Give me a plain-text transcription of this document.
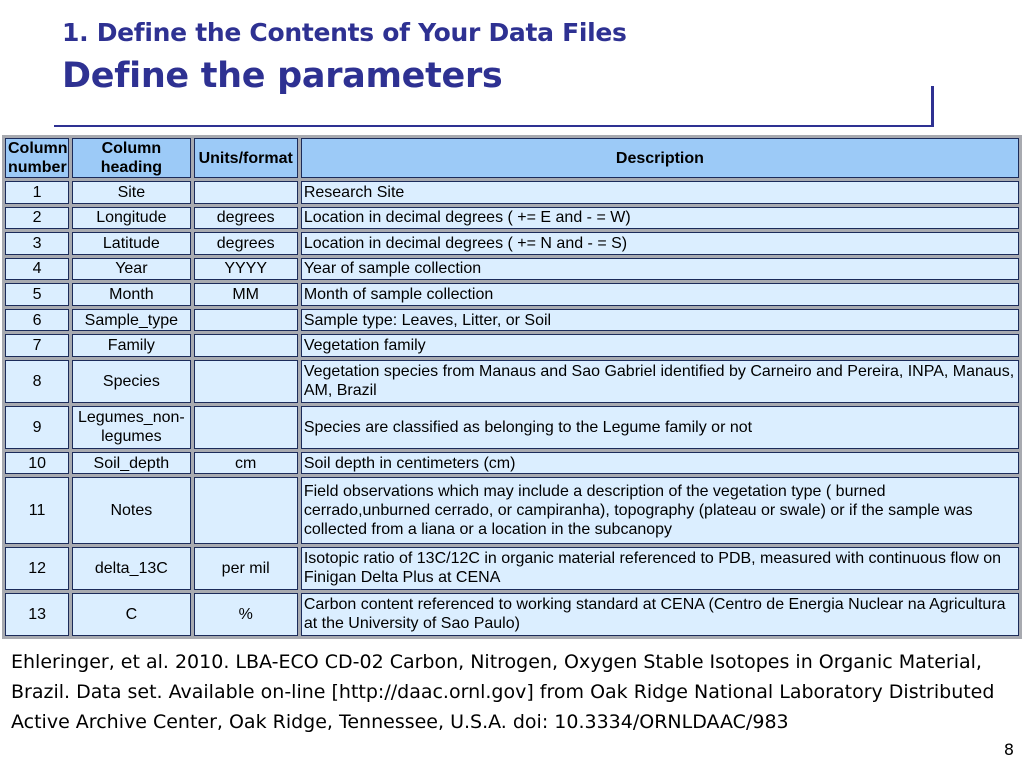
1. Define the Contents of Your Data Files
Define the parameters
Column number	Column heading	Units/format	Description
1	Site		Research Site
2	Longitude	degrees	Location in decimal degrees ( += E and - = W)
3	Latitude	degrees	Location in decimal degrees ( += N and - = S)
4	Year	YYYY	Year of sample collection
5	Month	MM	Month of sample collection
6	Sample_type		Sample type: Leaves, Litter, or Soil
7	Family		Vegetation family
8	Species		Vegetation species from Manaus and Sao Gabriel identified by Carneiro and Pereira, INPA, Manaus, AM, Brazil
9	Legumes_non-legumes		Species are classified as belonging to the Legume family or not
10	Soil_depth	cm	Soil depth in centimeters (cm)
11	Notes		Field observations which may include a description of the vegetation type ( burned cerrado,unburned cerrado, or campiranha), topography (plateau or swale) or if the sample was collected from a liana or a location in the subcanopy
12	delta_13C	per mil	Isotopic ratio of 13C/12C in organic material referenced to PDB, measured with continuous flow on Finigan Delta Plus at CENA
13	C	%	Carbon content referenced to working standard at CENA (Centro de Energia Nuclear na Agricultura at the University of Sao Paulo)
Ehleringer, et al. 2010. LBA-ECO CD-02 Carbon, Nitrogen, Oxygen Stable Isotopes in Organic Material, Brazil. Data set. Available on-line [http://daac.ornl.gov] from Oak Ridge National Laboratory Distributed Active Archive Center, Oak Ridge, Tennessee, U.S.A. doi: 10.3334/ORNLDAAC/983
8
